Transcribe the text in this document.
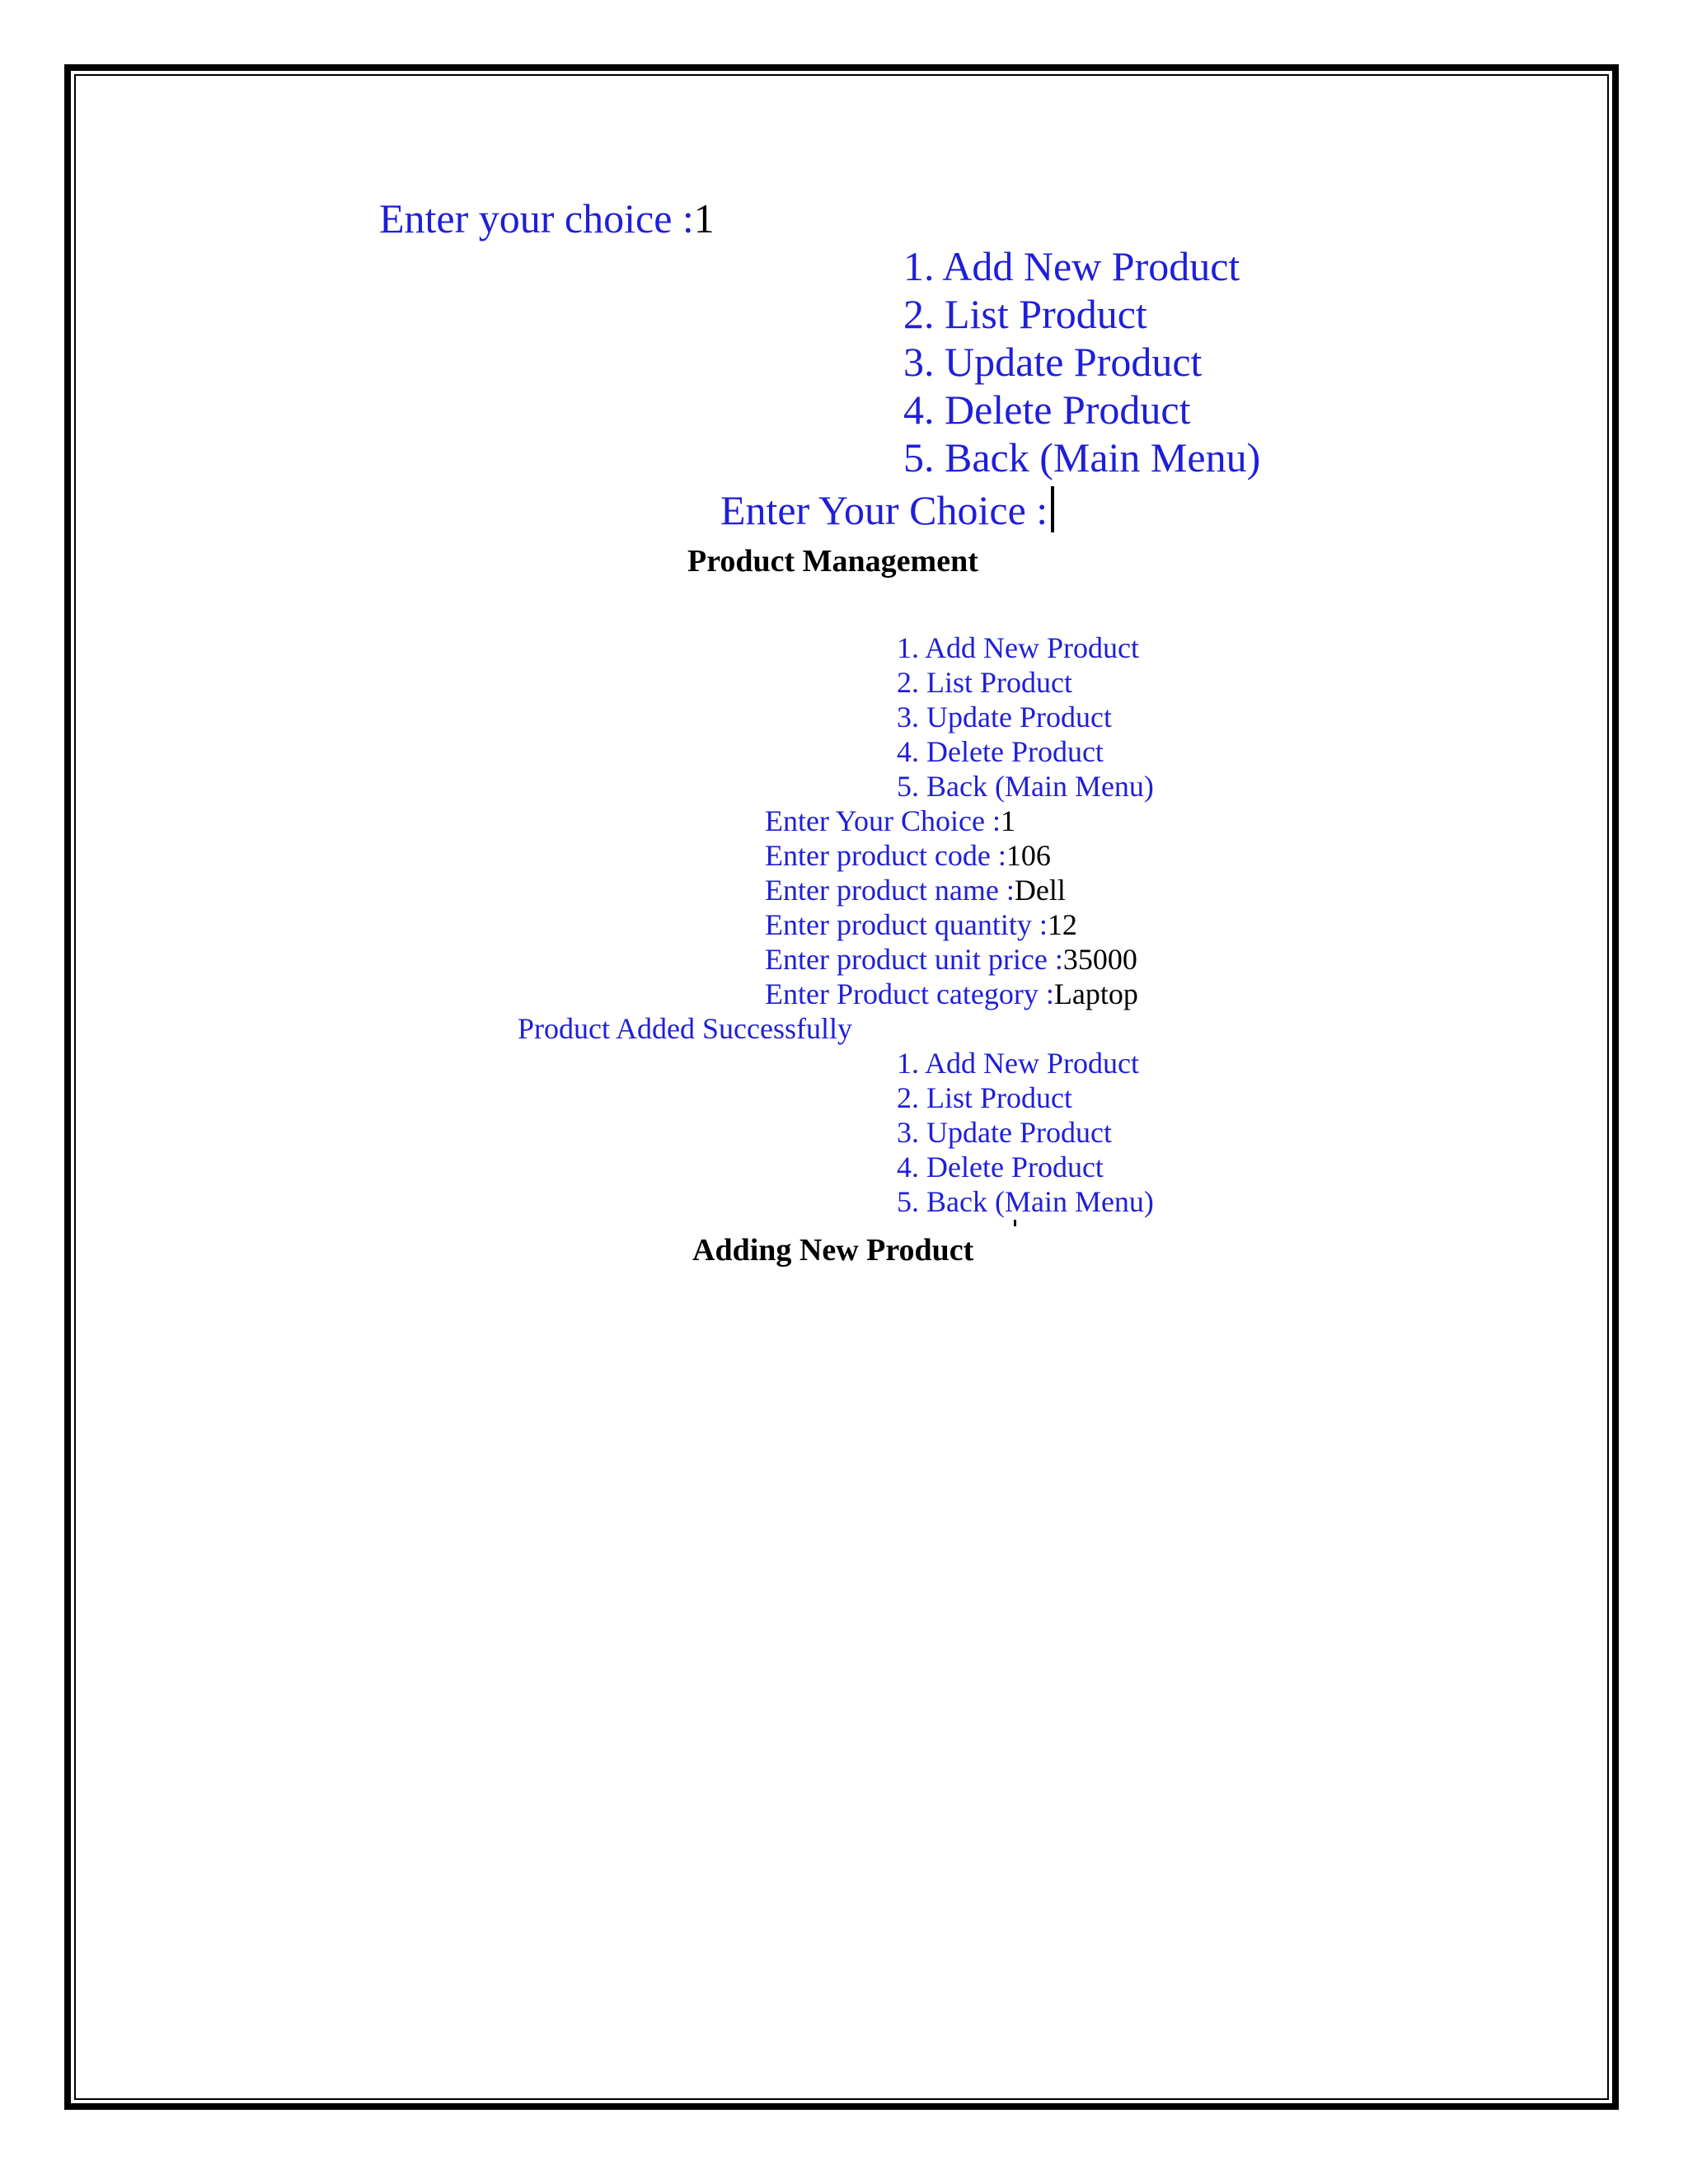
Enter your choice :1
1. Add New Product
2. List Product
3. Update Product
4. Delete Product
5. Back (Main Menu)
Enter Your Choice :
Product Management
1. Add New Product
2. List Product
3. Update Product
4. Delete Product
5. Back (Main Menu)
Enter Your Choice :1
Enter product code :106
Enter product name :Dell
Enter product quantity :12
Enter product unit price :35000
Enter Product category :Laptop
Product Added Successfully
1. Add New Product
2. List Product
3. Update Product
4. Delete Product
5. Back (Main Menu)
Adding New Product
